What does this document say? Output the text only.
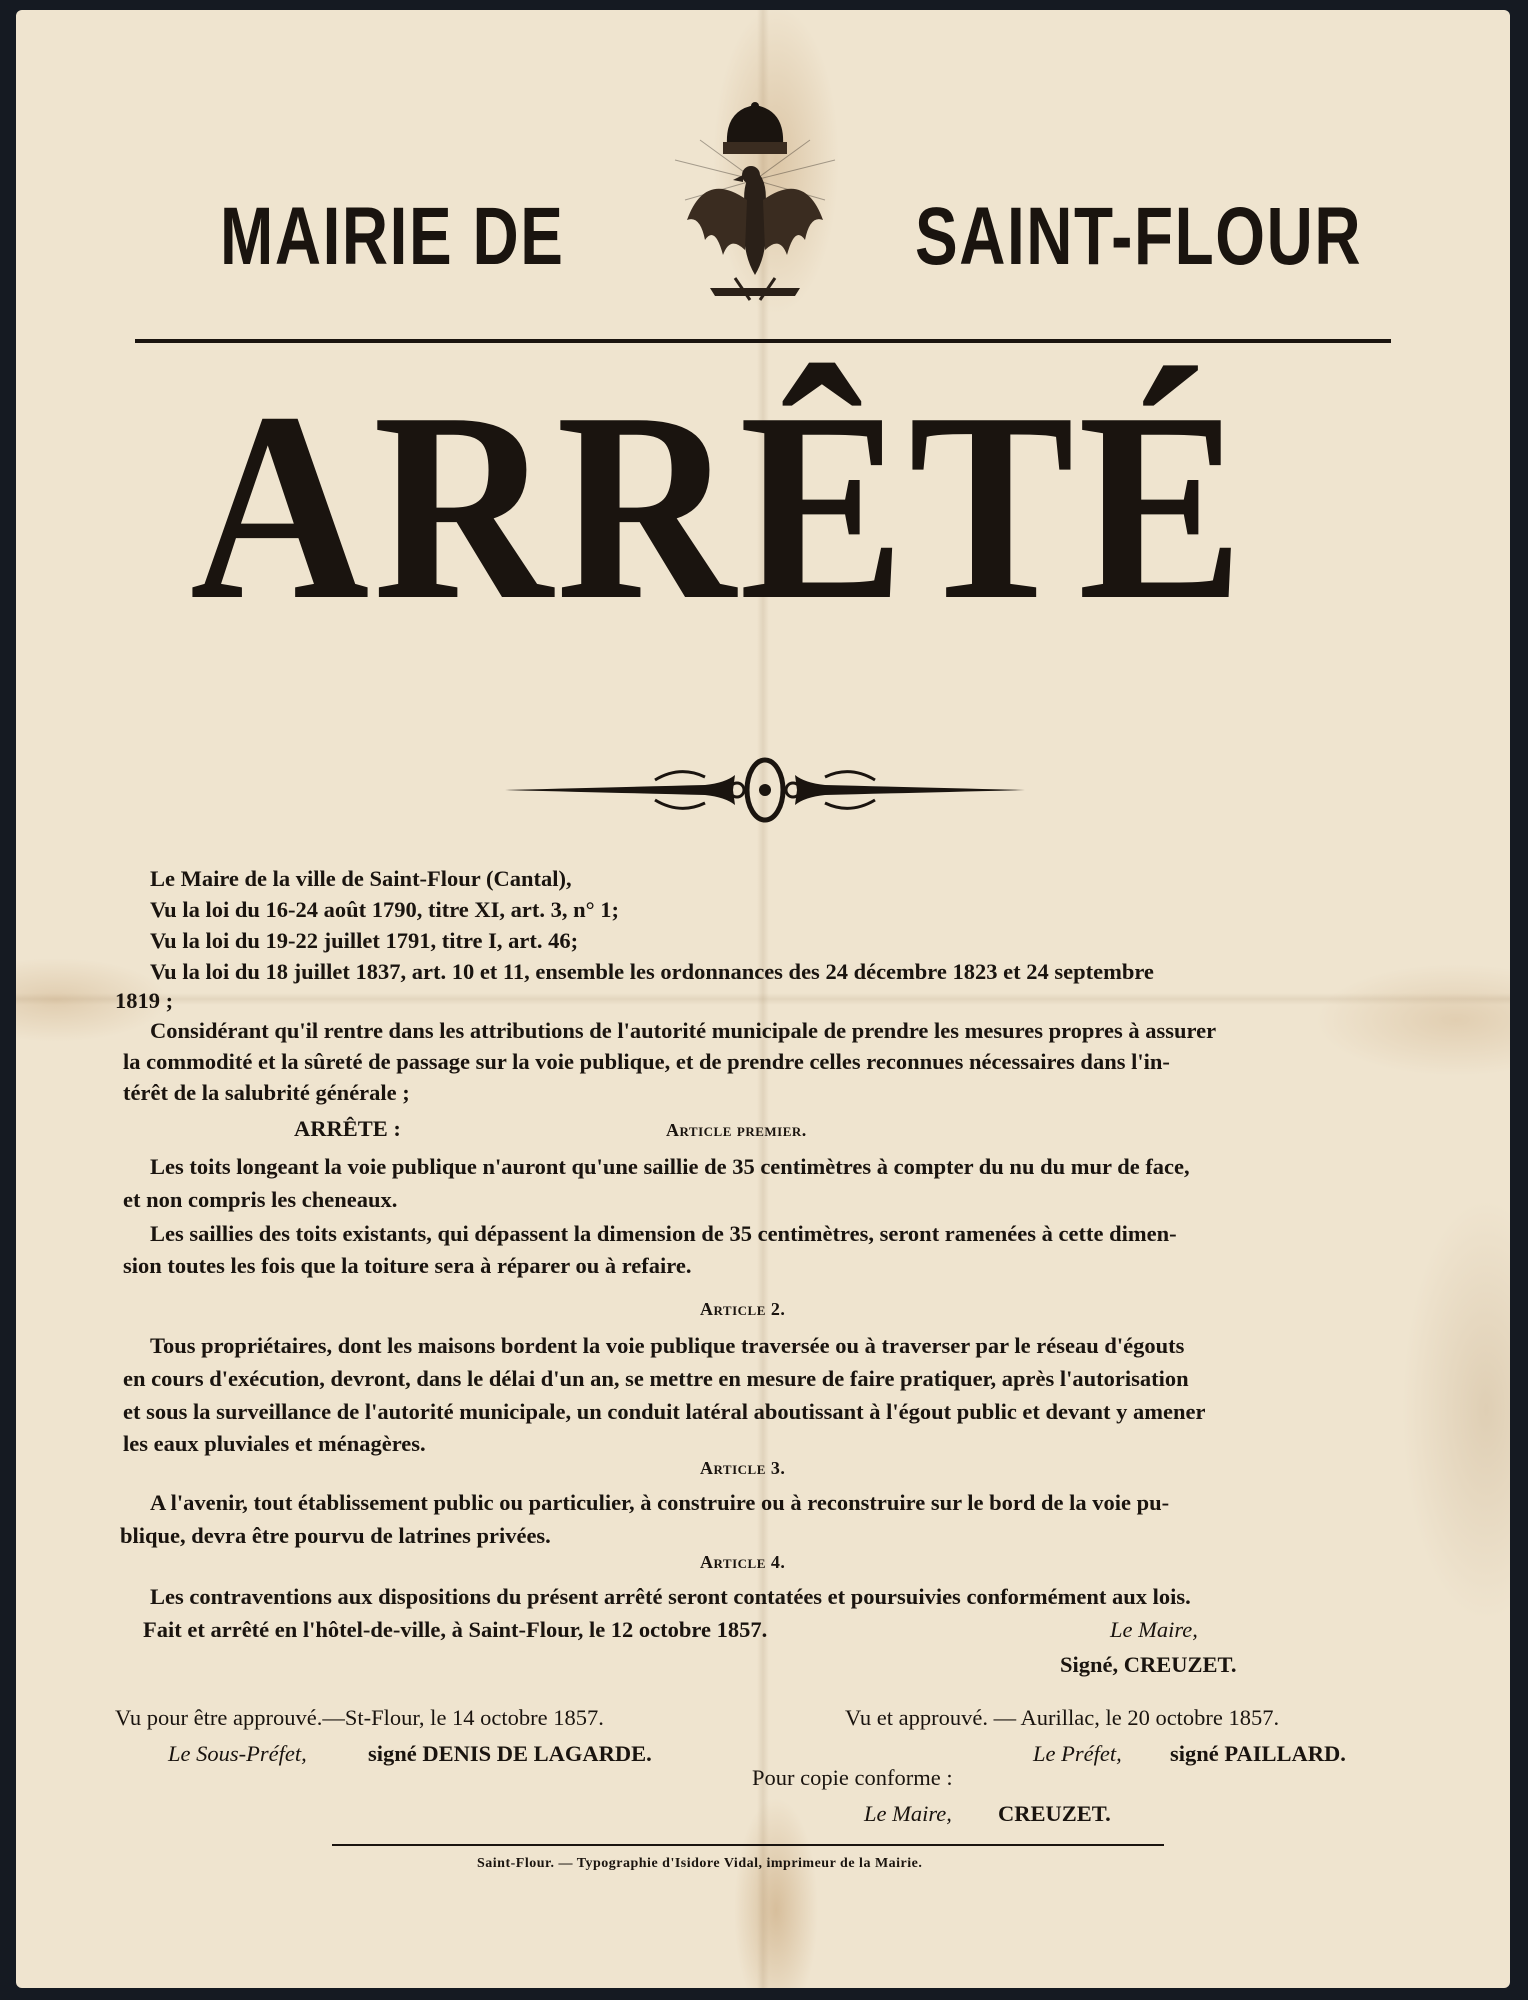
MAIRIE DE	SAINT-FLOUR
ARRÊTÉ
Le Maire de la ville de Saint-Flour (Cantal),
Vu la loi du 16-24 août 1790, titre XI, art. 3, n° 1;
Vu la loi du 19-22 juillet 1791, titre I, art. 46;
Vu la loi du 18 juillet 1837, art. 10 et 11, ensemble les ordonnances des 24 décembre 1823 et 24 septembre
1819 ;
Considérant qu'il rentre dans les attributions de l'autorité municipale de prendre les mesures propres à assurer
la commodité et la sûreté de passage sur la voie publique, et de prendre celles reconnues nécessaires dans l'in-
térêt de la salubrité générale ;
ARRÊTE :	Article premier.
Les toits longeant la voie publique n'auront qu'une saillie de 35 centimètres à compter du nu du mur de face,
et non compris les cheneaux.
Les saillies des toits existants, qui dépassent la dimension de 35 centimètres, seront ramenées à cette dimen-
sion toutes les fois que la toiture sera à réparer ou à refaire.
Article 2.
Tous propriétaires, dont les maisons bordent la voie publique traversée ou à traverser par le réseau d'égouts
en cours d'exécution, devront, dans le délai d'un an, se mettre en mesure de faire pratiquer, après l'autorisation
et sous la surveillance de l'autorité municipale, un conduit latéral aboutissant à l'égout public et devant y amener
les eaux pluviales et ménagères.
Article 3.
A l'avenir, tout établissement public ou particulier, à construire ou à reconstruire sur le bord de la voie pu-
blique, devra être pourvu de latrines privées.
Article 4.
Les contraventions aux dispositions du présent arrêté seront contatées et poursuivies conformément aux lois.
Fait et arrêté en l'hôtel-de-ville, à Saint-Flour, le 12 octobre 1857.	Le Maire,
Signé, CREUZET.
Vu pour être approuvé.—St-Flour, le 14 octobre 1857.
Le Sous-Préfet,	signé DENIS DE LAGARDE.
Vu et approuvé. — Aurillac, le 20 octobre 1857.
Le Préfet, signé PAILLARD.
Pour copie conforme :
Le Maire, CREUZET.
Saint-Flour. — Typographie d'Isidore Vidal, imprimeur de la Mairie.
